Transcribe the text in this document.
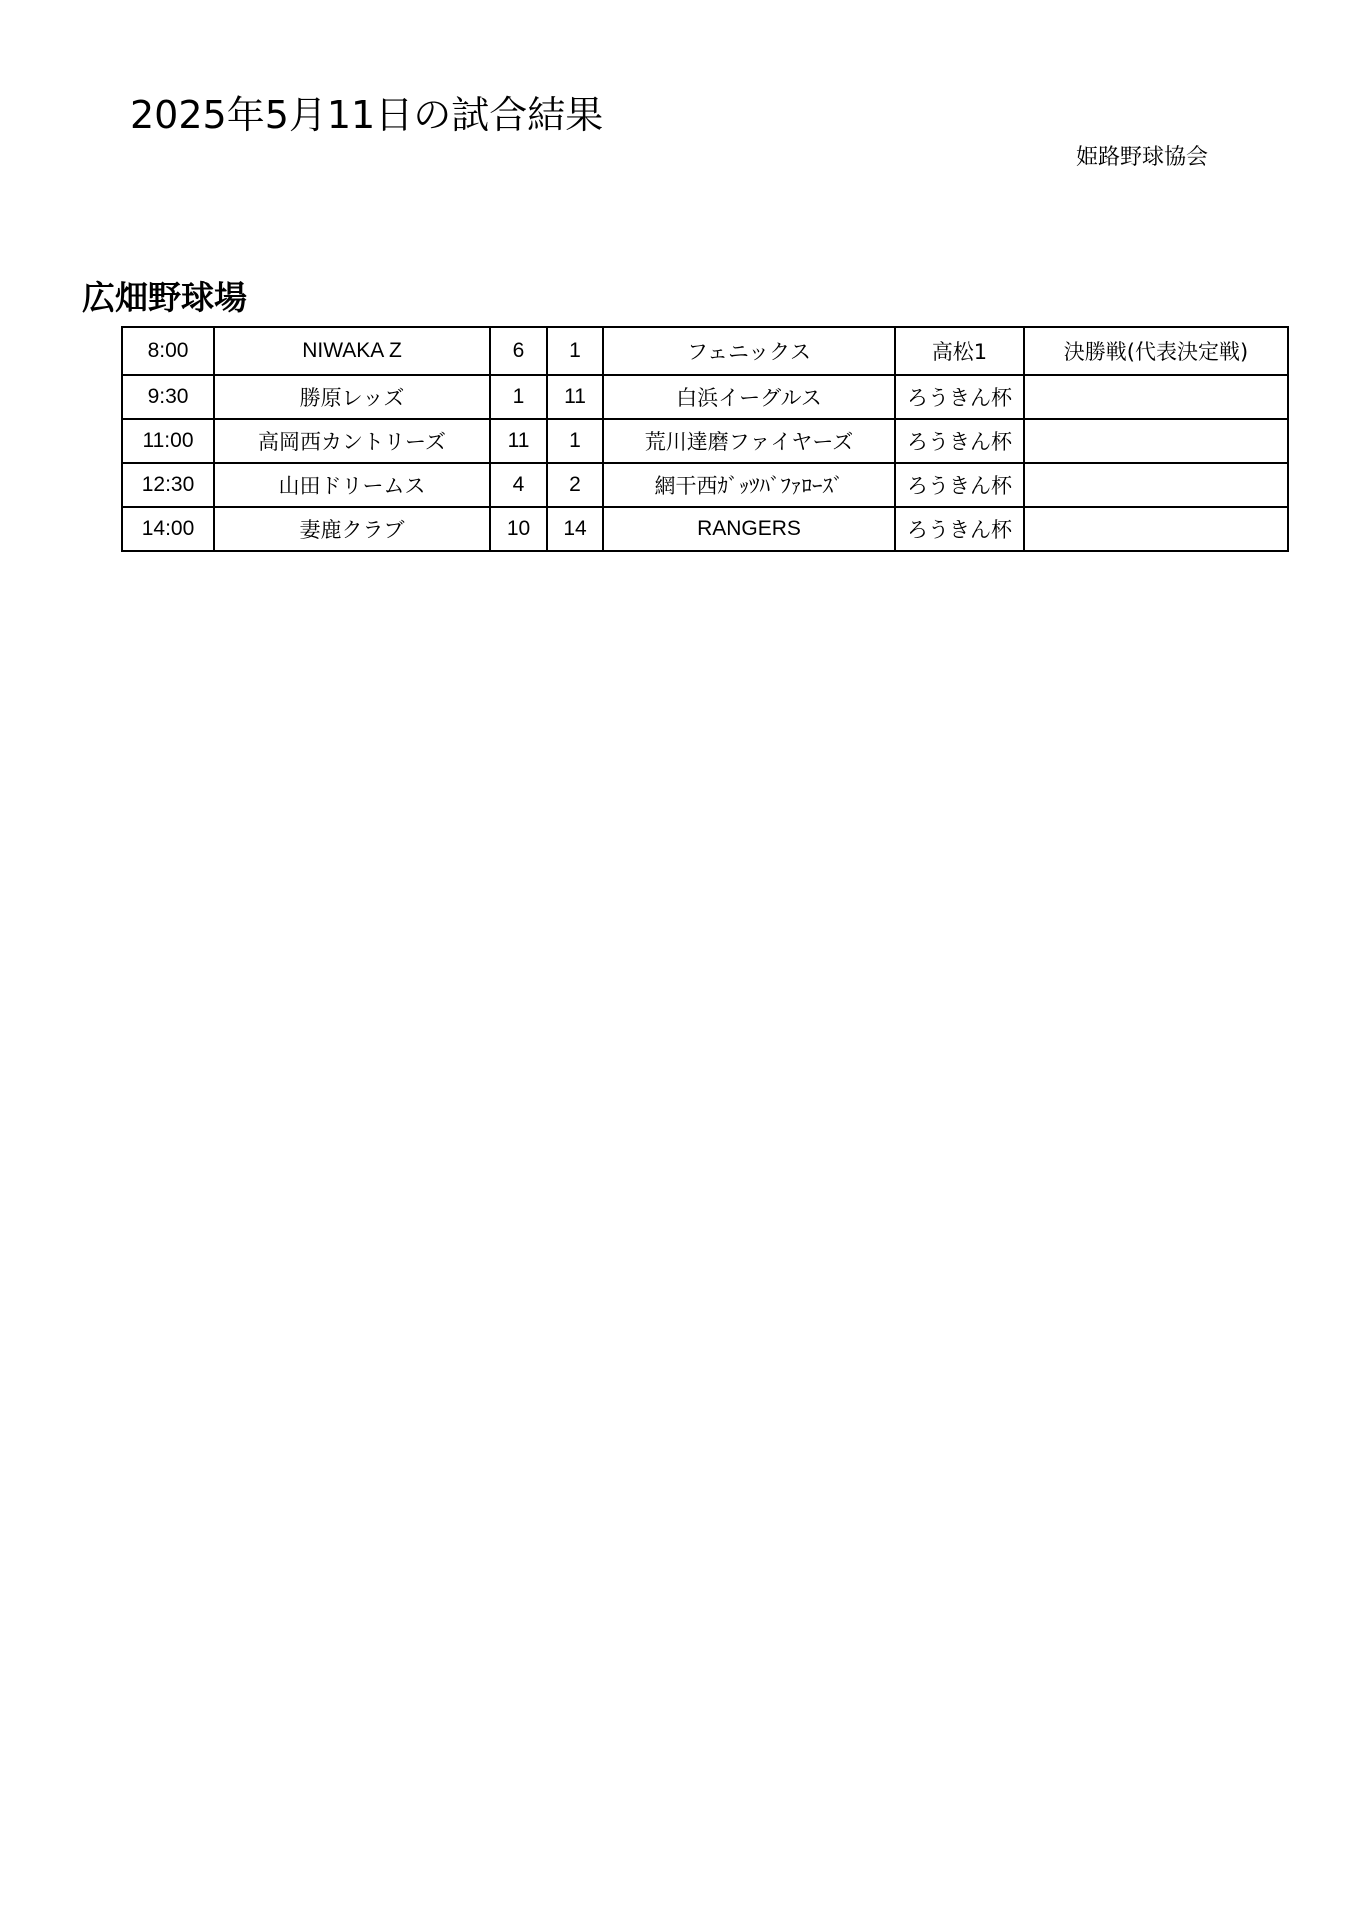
2025年5月11日の試合結果
姫路野球協会
広畑野球場
8:00	NIWAKA Z	6	1	フェニックス	高松1	決勝戦(代表決定戦)
9:30	勝原レッズ	1	11	白浜イーグルス	ろうきん杯	
11:00	高岡西カントリーズ	11	1	荒川達磨ファイヤーズ	ろうきん杯	
12:30	山田ドリームス	4	2	網干西ｶﾞｯﾂﾊﾞﾌｧﾛｰｽﾞ	ろうきん杯	
14:00	妻鹿クラブ	10	14	RANGERS	ろうきん杯	
